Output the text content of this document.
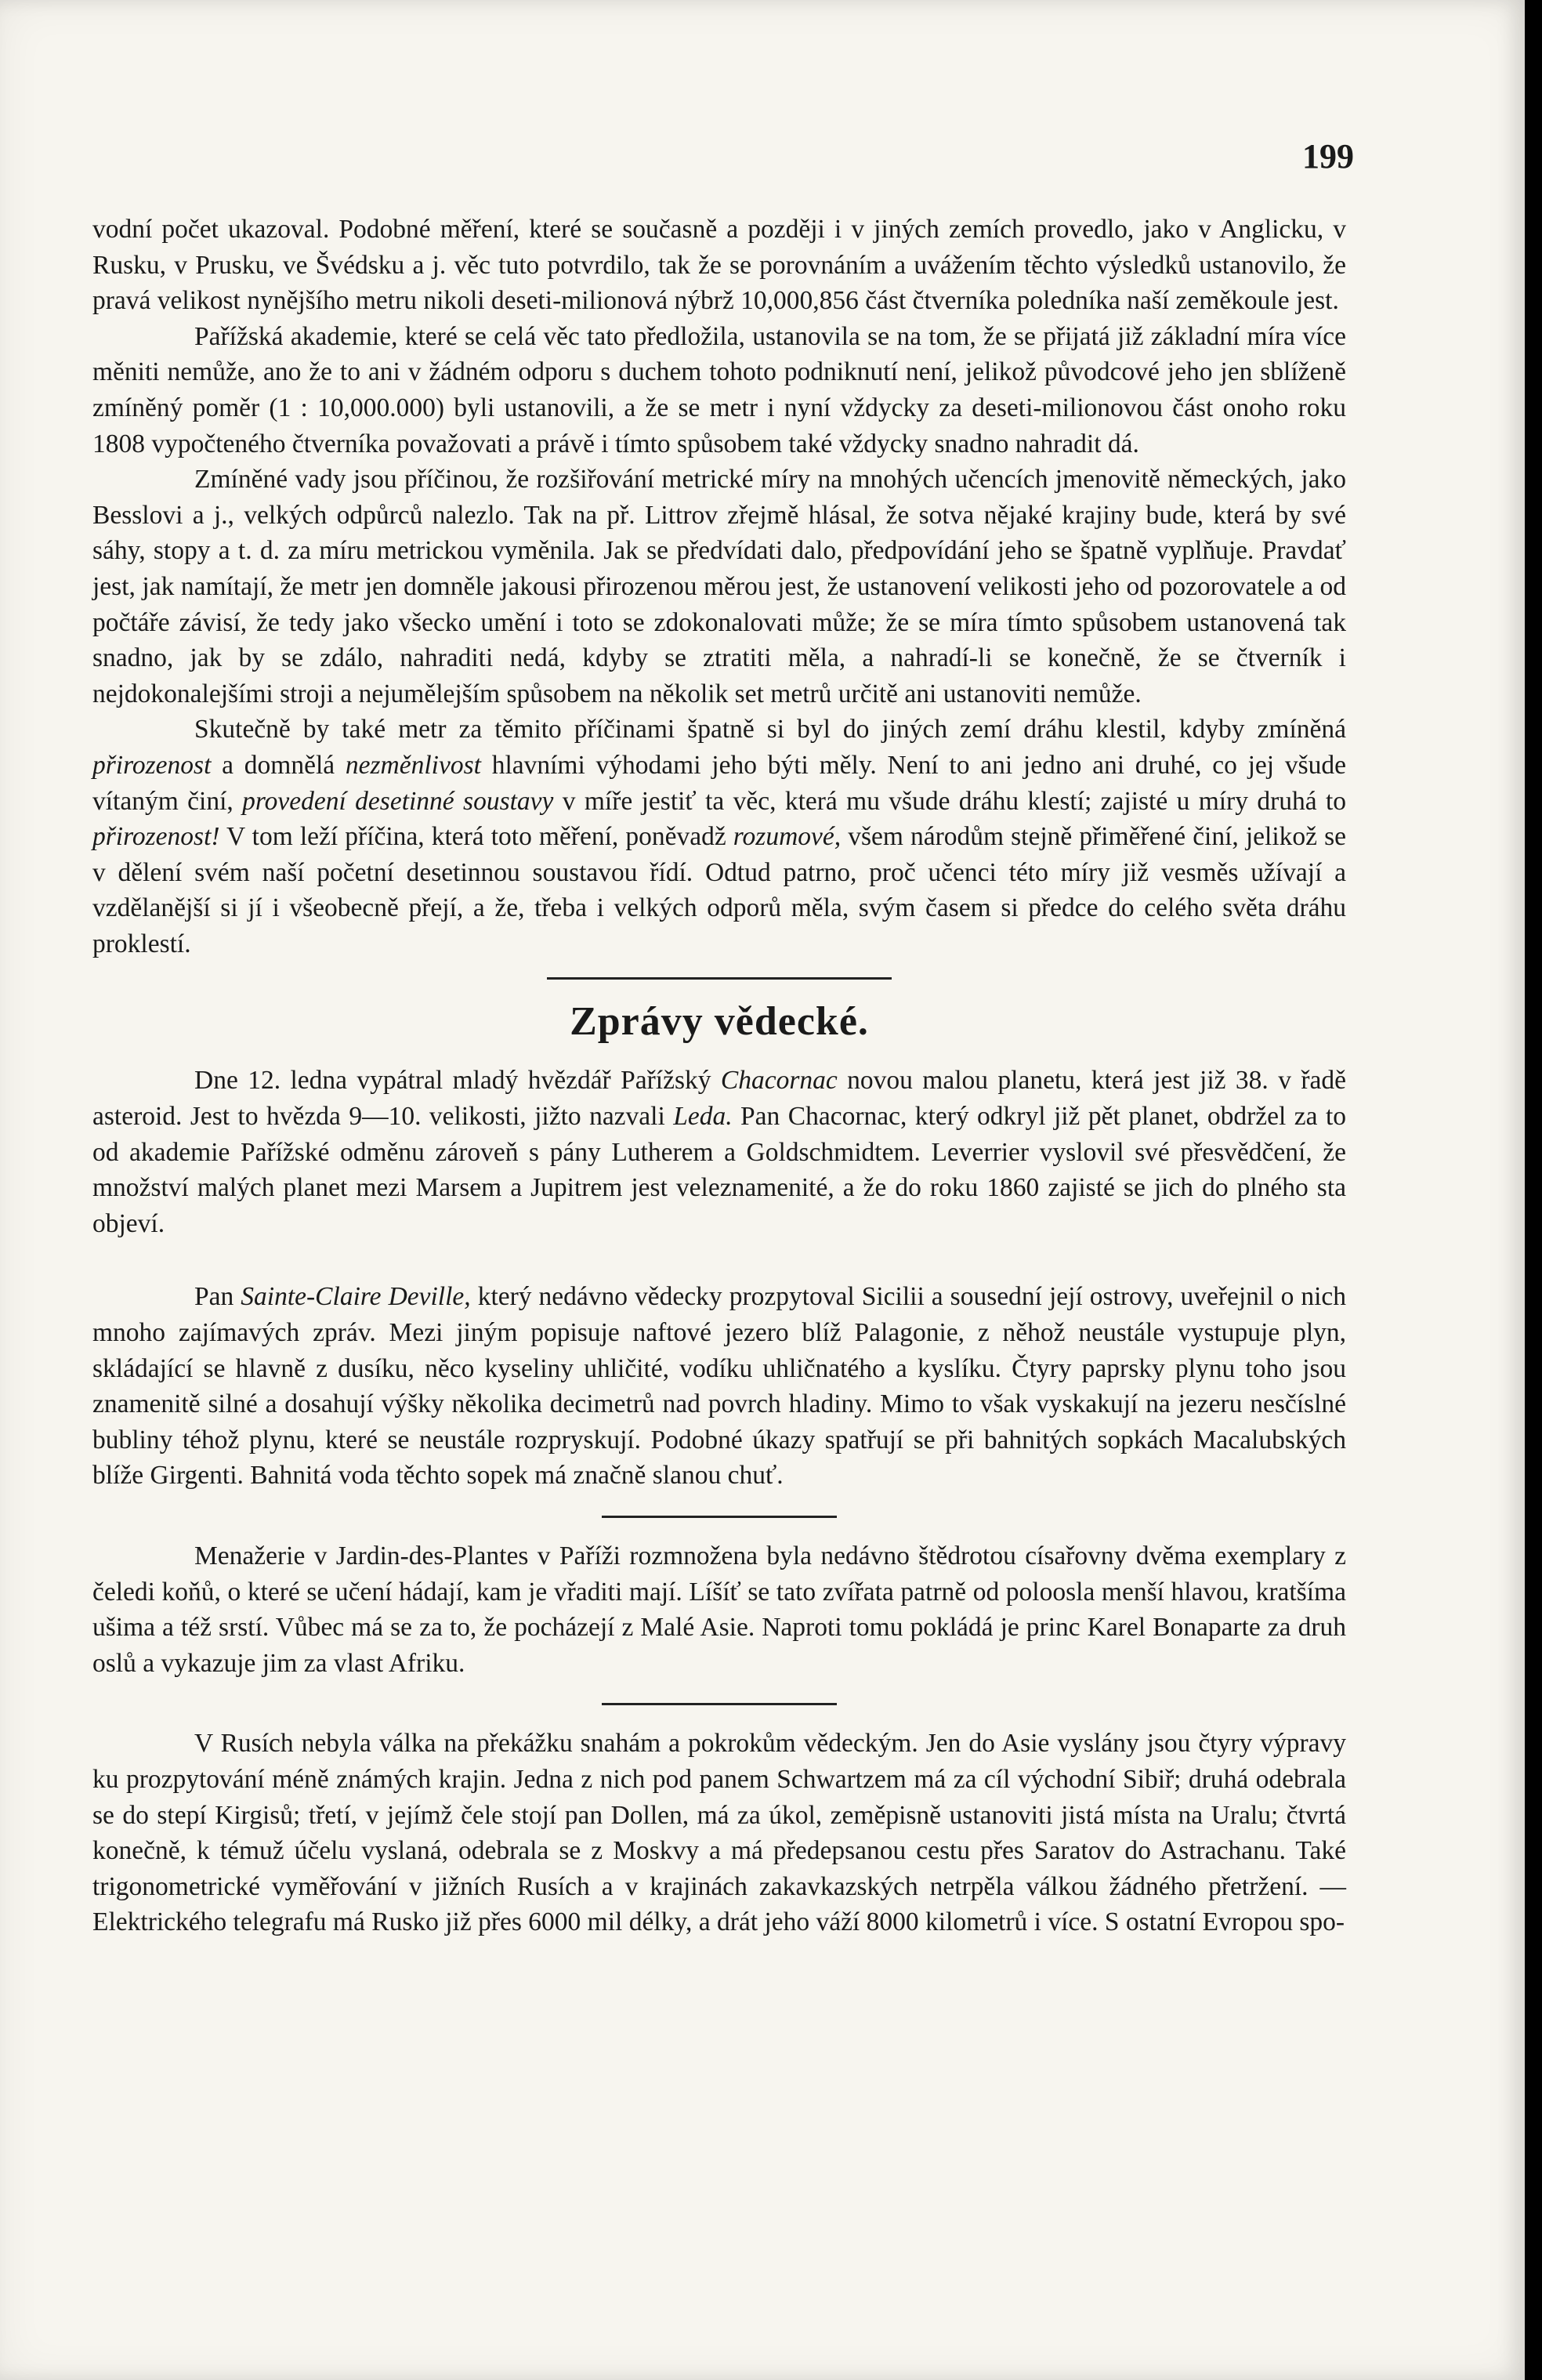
199

vodní počet ukazoval. Podobné měření, které se současně a později i v jiných zemích provedlo, jako v Anglicku, v Rusku, v Prusku, ve Švédsku a j. věc tuto potvrdilo, tak že se porovnáním a uvážením těchto výsledků ustanovilo, že pravá velikost nynějšího metru nikoli deseti-milionová nýbrž 10,000,856 část čtverníka poledníka naší zeměkoule jest.

Pařížská akademie, které se celá věc tato předložila, ustanovila se na tom, že se přijatá již základní míra více měniti nemůže, ano že to ani v žádném odporu s duchem tohoto podniknutí není, jelikož původcové jeho jen sblíženě zmíněný poměr (1 : 10,000.000) byli ustanovili, a že se metr i nyní vždycky za deseti-milionovou část onoho roku 1808 vypočteného čtverníka považovati a právě i tímto spůsobem také vždycky snadno nahradit dá.

Zmíněné vady jsou příčinou, že rozšiřování metrické míry na mnohých učencích jmenovitě německých, jako Besslovi a j., velkých odpůrců nalezlo. Tak na př. Littrov zřejmě hlásal, že sotva nějaké krajiny bude, která by své sáhy, stopy a t. d. za míru metrickou vyměnila. Jak se předvídati dalo, předpovídání jeho se špatně vyplňuje. Pravdať jest, jak namítají, že metr jen domněle jakousi přirozenou měrou jest, že ustanovení velikosti jeho od pozorovatele a od počtáře závisí, že tedy jako všecko umění i toto se zdokonalovati může; že se míra tímto spůsobem ustanovená tak snadno, jak by se zdálo, nahraditi nedá, kdyby se ztratiti měla, a nahradí-li se konečně, že se čtverník i nejdokonalejšími stroji a nejumělejším spůsobem na několik set metrů určitě ani ustanoviti nemůže.

Skutečně by také metr za těmito příčinami špatně si byl do jiných zemí dráhu klestil, kdyby zmíněná přirozenost a domnělá nezměnlivost hlavními výhodami jeho býti měly. Není to ani jedno ani druhé, co jej všude vítaným činí, provedení desetinné soustavy v míře jestiť ta věc, která mu všude dráhu klestí; zajisté u míry druhá to přirozenost! V tom leží příčina, která toto měření, poněvadž rozumové, všem národům stejně přiměřené činí, jelikož se v dělení svém naší početní desetinnou soustavou řídí. Odtud patrno, proč učenci této míry již vesměs užívají a vzdělanější si jí i všeobecně přejí, a že, třeba i velkých odporů měla, svým časem si předce do celého světa dráhu proklestí.

Zprávy vědecké.

Dne 12. ledna vypátral mladý hvězdář Pařížský Chacornac novou malou planetu, která jest již 38. v řadě asteroid. Jest to hvězda 9—10. velikosti, jižto nazvali Leda. Pan Chacornac, který odkryl již pět planet, obdržel za to od akademie Pařížské odměnu zároveň s pány Lutherem a Goldschmidtem. Leverrier vyslovil své přesvědčení, že množství malých planet mezi Marsem a Jupitrem jest veleznamenité, a že do roku 1860 zajisté se jich do plného sta objeví.

Pan Sainte-Claire Deville, který nedávno vědecky prozpytoval Sicilii a sousední její ostrovy, uveřejnil o nich mnoho zajímavých zpráv. Mezi jiným popisuje naftové jezero blíž Palagonie, z něhož neustále vystupuje plyn, skládající se hlavně z dusíku, něco kyseliny uhličité, vodíku uhličnatého a kyslíku. Čtyry paprsky plynu toho jsou znamenitě silné a dosahují výšky několika decimetrů nad povrch hladiny. Mimo to však vyskakují na jezeru nesčíslné bubliny téhož plynu, které se neustále rozpryskují. Podobné úkazy spatřují se při bahnitých sopkách Macalubských blíže Girgenti. Bahnitá voda těchto sopek má značně slanou chuť.

Menažerie v Jardin-des-Plantes v Paříži rozmnožena byla nedávno štědrotou císařovny dvěma exemplary z čeledi koňů, o které se učení hádají, kam je vřaditi mají. Líšíť se tato zvířata patrně od poloosla menší hlavou, kratšíma ušima a též srstí. Vůbec má se za to, že pocházejí z Malé Asie. Naproti tomu pokládá je princ Karel Bonaparte za druh oslů a vykazuje jim za vlast Afriku.

V Rusích nebyla válka na překážku snahám a pokrokům vědeckým. Jen do Asie vyslány jsou čtyry výpravy ku prozpytování méně známých krajin. Jedna z nich pod panem Schwartzem má za cíl východní Sibiř; druhá odebrala se do stepí Kirgisů; třetí, v jejímž čele stojí pan Dollen, má za úkol, zeměpisně ustanoviti jistá místa na Uralu; čtvrtá konečně, k témuž účelu vyslaná, odebrala se z Moskvy a má předepsanou cestu přes Saratov do Astrachanu. Také trigonometrické vyměřování v jižních Rusích a v krajinách zakavkazských netrpěla válkou žádného přetržení. — Elektrického telegrafu má Rusko již přes 6000 mil délky, a drát jeho váží 8000 kilometrů i více. S ostatní Evropou spo-
